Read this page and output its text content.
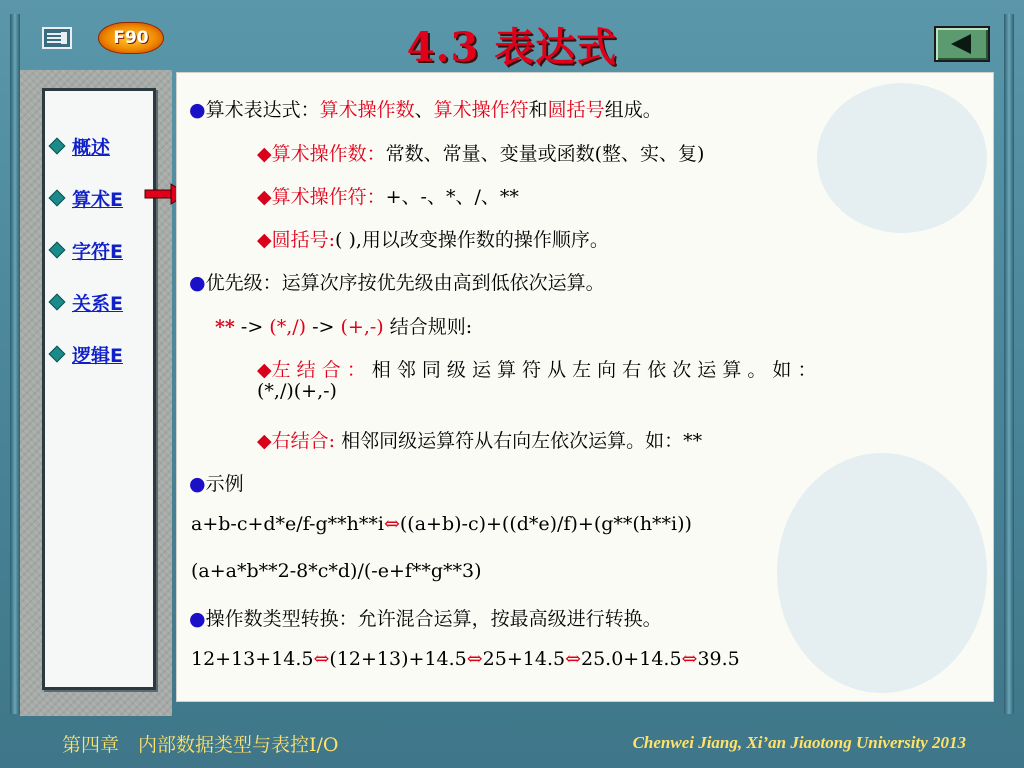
F90	4.3 表达式
概述
算术E
字符E
关系E
逻辑E
●算术表达式：算术操作数、算术操作符和圆括号组成。
◆算术操作数：常数、常量、变量或函数(整、实、复)
◆算术操作符：+、-、*、/、**
◆圆括号:( ),用以改变操作数的操作顺序。
●优先级：运算次序按优先级由高到低依次运算。
** -> (*,/) -> (+,-) 结合规则:
◆左 结 合 ： 相 邻 同 级 运 算 符 从 左 向 右 依 次 运 算 。 如 ：
(*,/)(+,-)
◆右结合: 相邻同级运算符从右向左依次运算。如：**
●示例
a+b-c+d*e/f-g**h**i⇔((a+b)-c)+((d*e)/f)+(g**(h**i))
(a+a*b**2-8*c*d)/(-e+f**g**3)
●操作数类型转换：允许混合运算，按最高级进行转换。
12+13+14.5⇔(12+13)+14.5⇔25+14.5⇔25.0+14.5⇔39.5
第四章　内部数据类型与表控I/O	Chenwei Jiang, Xi’an Jiaotong University 2013
